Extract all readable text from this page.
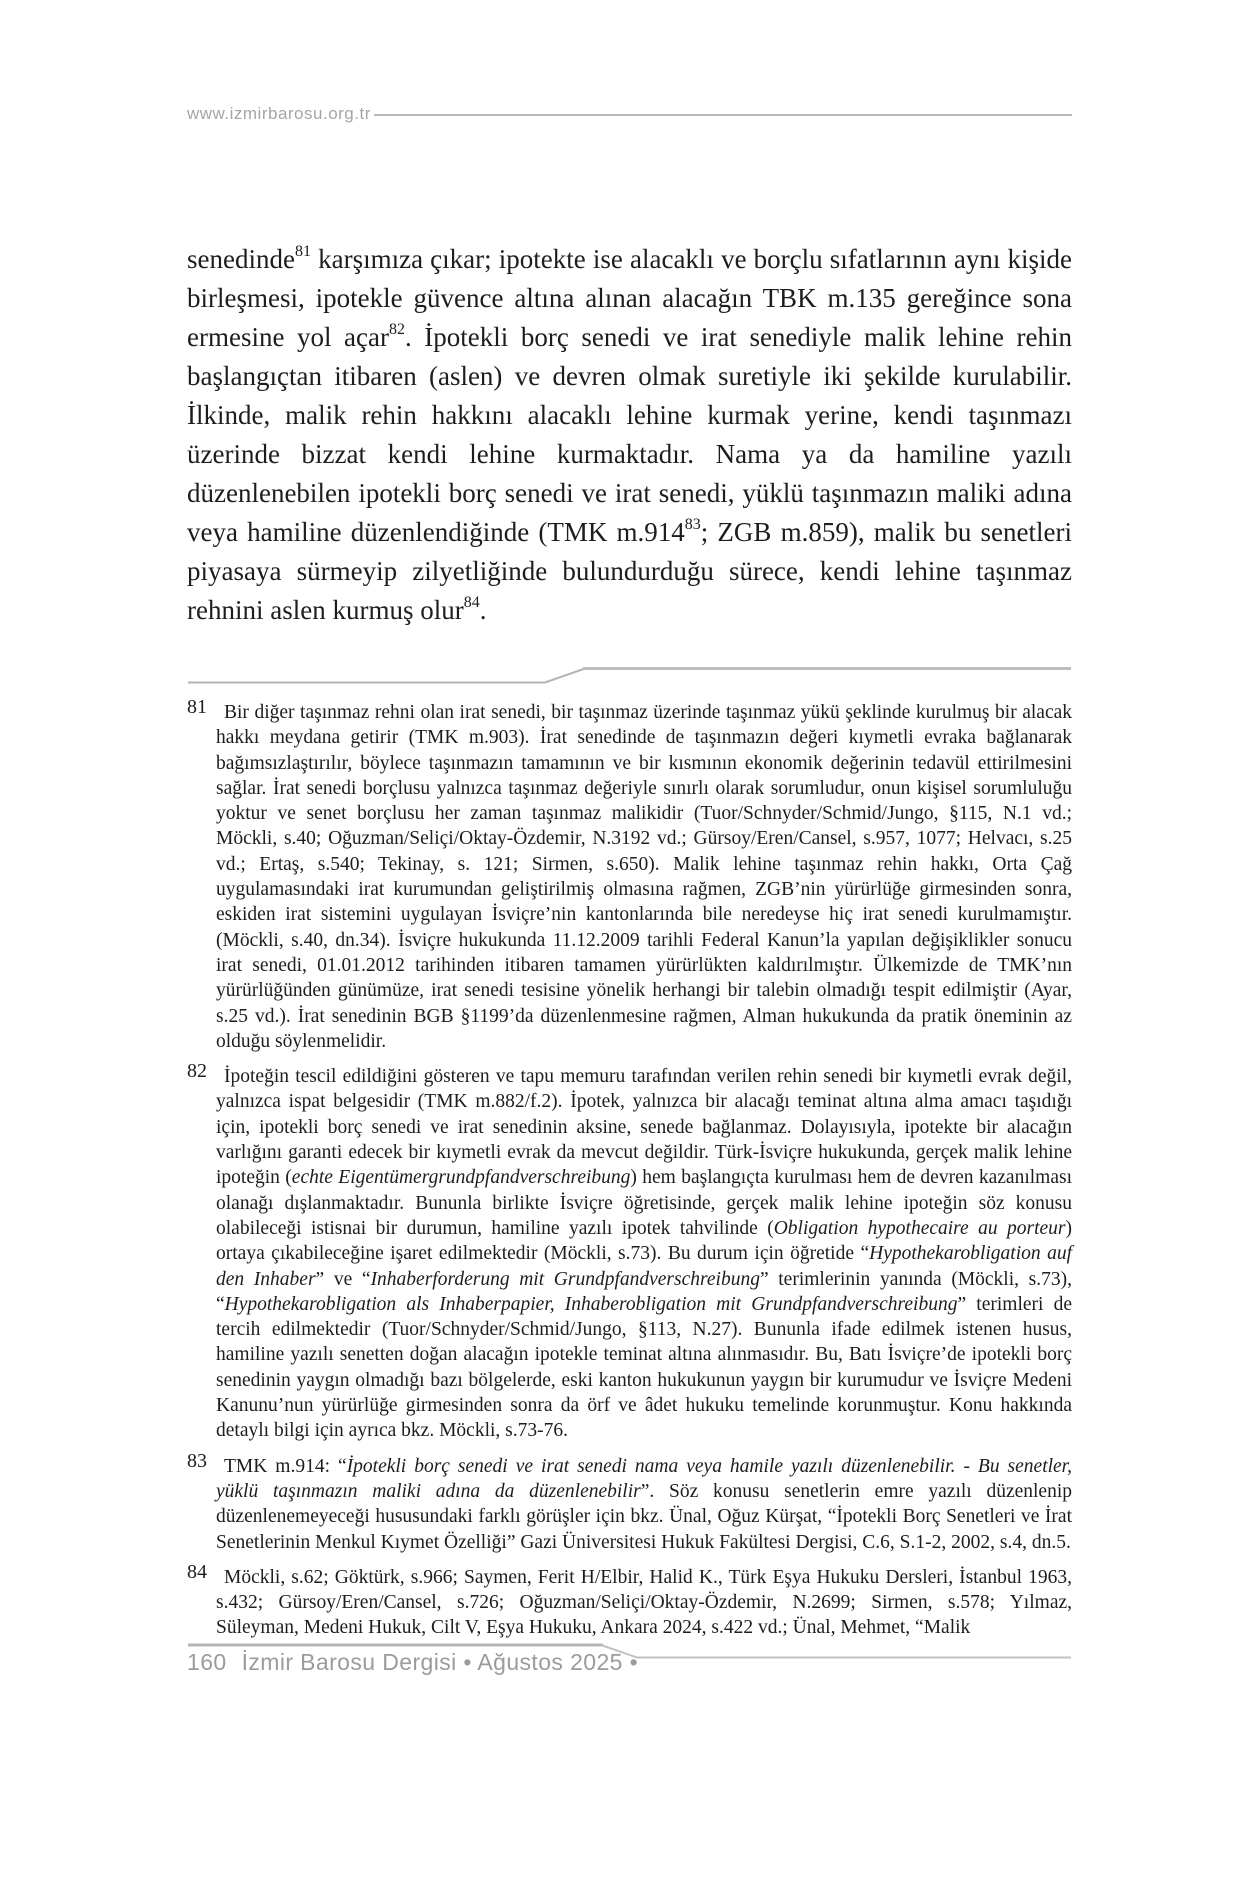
www.izmirbarosu.org.tr

senedinde$^{81}$ karşımıza çıkar; ipotekte ise alacaklı ve borçlu sıfatlarının aynı kişide birleşmesi, ipotekle güvence altına alınan alacağın TBK m.135 gereğince sona ermesine yol açar$^{82}$. İpotekli borç senedi ve irat senediyle malik lehine rehin başlangıçtan itibaren (aslen) ve devren olmak suretiyle iki şekilde kurulabilir. İlkinde, malik rehin hakkını alacaklı lehine kurmak yerine, kendi taşınmazı üzerinde bizzat kendi lehine kurmaktadır. Nama ya da hamiline yazılı düzenlenebilen ipotekli borç senedi ve irat senedi, yüklü taşınmazın maliki adına veya hamiline düzenlendiğinde (TMK m.914$^{83}$; ZGB m.859), malik bu senetleri piyasaya sürmeyip zilyetliğinde bulundurduğu sürece, kendi lehine taşınmaz rehnini aslen kurmuş olur$^{84}$.

81 Bir diğer taşınmaz rehni olan irat senedi, bir taşınmaz üzerinde taşınmaz yükü şeklinde kurulmuş bir alacak hakkı meydana getirir (TMK m.903). İrat senedinde de taşınmazın değeri kıymetli evraka bağlanarak bağımsızlaştırılır, böylece taşınmazın tamamının ve bir kısmının ekonomik değerinin tedavül ettirilmesini sağlar. İrat senedi borçlusu yalnızca taşınmaz değeriyle sınırlı olarak sorumludur, onun kişisel sorumluluğu yoktur ve senet borçlusu her zaman taşınmaz malikidir (Tuor/Schnyder/Schmid/Jungo, §115, N.1 vd.; Möckli, s.40; Oğuzman/Seliçi/Oktay-Özdemir, N.3192 vd.; Gürsoy/Eren/Cansel, s.957, 1077; Helvacı, s.25 vd.; Ertaş, s.540; Tekinay, s. 121; Sirmen, s.650). Malik lehine taşınmaz rehin hakkı, Orta Çağ uygulamasındaki irat kurumundan geliştirilmiş olmasına rağmen, ZGB’nin yürürlüğe girmesinden sonra, eskiden irat sistemini uygulayan İsviçre’nin kantonlarında bile neredeyse hiç irat senedi kurulmamıştır. (Möckli, s.40, dn.34). İsviçre hukukunda 11.12.2009 tarihli Federal Kanun’la yapılan değişiklikler sonucu irat senedi, 01.01.2012 tarihinden itibaren tamamen yürürlükten kaldırılmıştır. Ülkemizde de TMK’nın yürürlüğünden günümüze, irat senedi tesisine yönelik herhangi bir talebin olmadığı tespit edilmiştir (Ayar, s.25 vd.). İrat senedinin BGB §1199’da düzenlenmesine rağmen, Alman hukukunda da pratik öneminin az olduğu söylenmelidir.
82 İpoteğin tescil edildiğini gösteren ve tapu memuru tarafından verilen rehin senedi bir kıymetli evrak değil, yalnızca ispat belgesidir (TMK m.882/f.2). İpotek, yalnızca bir alacağı teminat altına alma amacı taşıdığı için, ipotekli borç senedi ve irat senedinin aksine, senede bağlanmaz. Dolayısıyla, ipotekte bir alacağın varlığını garanti edecek bir kıymetli evrak da mevcut değildir. Türk-İsviçre hukukunda, gerçek malik lehine ipoteğin (echte Eigentümergrundpfandverschreibung) hem başlangıçta kurulması hem de devren kazanılması olanağı dışlanmaktadır. Bununla birlikte İsviçre öğretisinde, gerçek malik lehine ipoteğin söz konusu olabileceği istisnai bir durumun, hamiline yazılı ipotek tahvilinde (Obligation hypothecaire au porteur) ortaya çıkabileceğine işaret edilmektedir (Möckli, s.73). Bu durum için öğretide “Hypothekarobligation auf den Inhaber” ve “Inhaberforderung mit Grundpfandverschreibung” terimlerinin yanında (Möckli, s.73), “Hypothekarobligation als Inhaberpapier, Inhaberobligation mit Grundpfandverschreibung” terimleri de tercih edilmektedir (Tuor/Schnyder/Schmid/Jungo, §113, N.27). Bununla ifade edilmek istenen husus, hamiline yazılı senetten doğan alacağın ipotekle teminat altına alınmasıdır. Bu, Batı İsviçre’de ipotekli borç senedinin yaygın olmadığı bazı bölgelerde, eski kanton hukukunun yaygın bir kurumudur ve İsviçre Medeni Kanunu’nun yürürlüğe girmesinden sonra da örf ve âdet hukuku temelinde korunmuştur. Konu hakkında detaylı bilgi için ayrıca bkz. Möckli, s.73-76.
83 TMK m.914: “İpotekli borç senedi ve irat senedi nama veya hamile yazılı düzenlenebilir. - Bu senetler, yüklü taşınmazın maliki adına da düzenlenebilir”. Söz konusu senetlerin emre yazılı düzenlenip düzenlenemeyeceği hususundaki farklı görüşler için bkz. Ünal, Oğuz Kürşat, “İpotekli Borç Senetleri ve İrat Senetlerinin Menkul Kıymet Özelliği” Gazi Üniversitesi Hukuk Fakültesi Dergisi, C.6, S.1-2, 2002, s.4, dn.5.
84 Möckli, s.62; Göktürk, s.966; Saymen, Ferit H/Elbir, Halid K., Türk Eşya Hukuku Dersleri, İstanbul 1963, s.432; Gürsoy/Eren/Cansel, s.726; Oğuzman/Seliçi/Oktay-Özdemir, N.2699; Sirmen, s.578; Yılmaz, Süleyman, Medeni Hukuk, Cilt V, Eşya Hukuku, Ankara 2024, s.422 vd.; Ünal, Mehmet, “Malik
160 İzmir Barosu Dergisi • Ağustos 2025 •
